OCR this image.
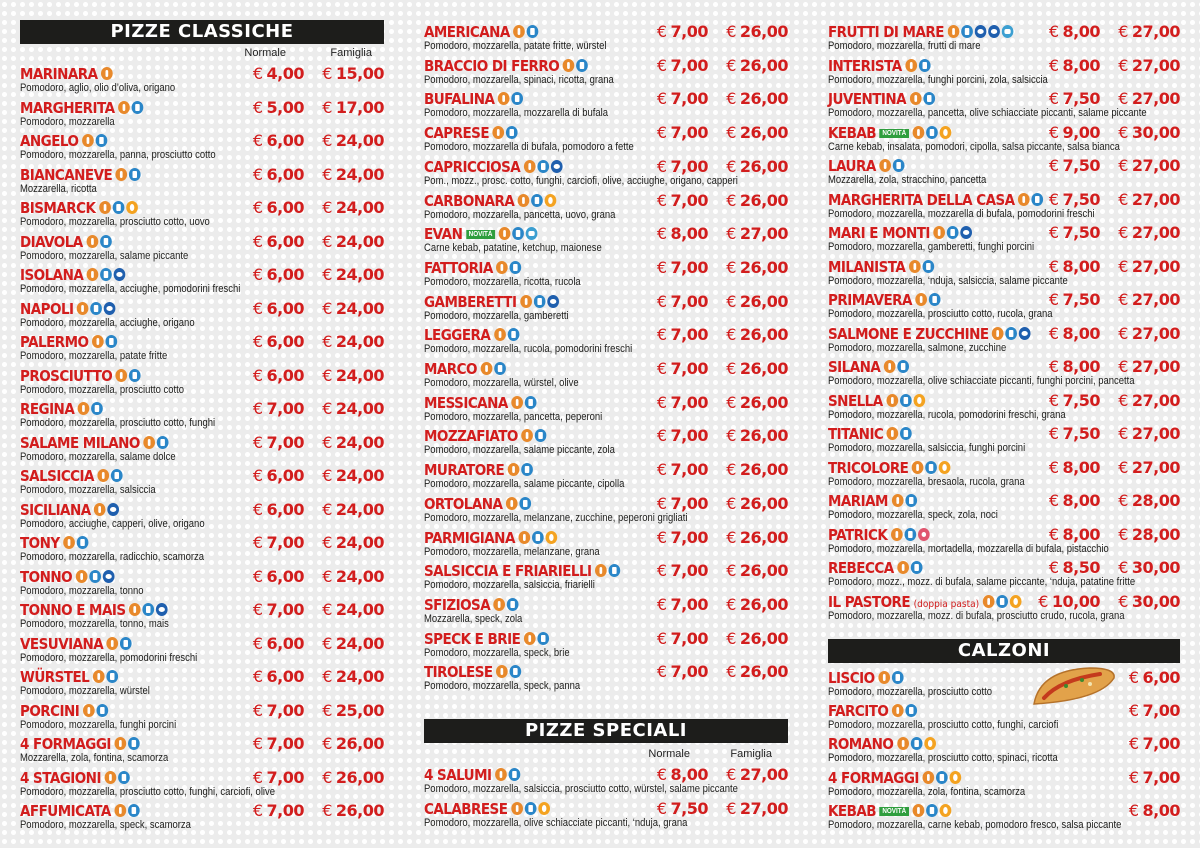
PIZZE CLASSICHE
Normale	Famiglia
MARINARA
Pomodoro, aglio, olio d’oliva, origano
€ 4,00 € 15,00
MARGHERITA
Pomodoro, mozzarella
€ 5,00 € 17,00
ANGELO
Pomodoro, mozzarella, panna, prosciutto cotto
€ 6,00 € 24,00
BIANCANEVE
Mozzarella, ricotta
€ 6,00 € 24,00
BISMARCK
Pomodoro, mozzarella, prosciutto cotto, uovo
€ 6,00 € 24,00
DIAVOLA
Pomodoro, mozzarella, salame piccante
€ 6,00 € 24,00
ISOLANA
Pomodoro, mozzarella, acciughe, pomodorini freschi
€ 6,00 € 24,00
NAPOLI
Pomodoro, mozzarella, acciughe, origano
€ 6,00 € 24,00
PALERMO
Pomodoro, mozzarella, patate fritte
€ 6,00 € 24,00
PROSCIUTTO
Pomodoro, mozzarella, prosciutto cotto
€ 6,00 € 24,00
REGINA
Pomodoro, mozzarella, prosciutto cotto, funghi
€ 7,00 € 24,00
SALAME MILANO
Pomodoro, mozzarella, salame dolce
€ 7,00 € 24,00
SALSICCIA
Pomodoro, mozzarella, salsiccia
€ 6,00 € 24,00
SICILIANA
Pomodoro, acciughe, capperi, olive, origano
€ 6,00 € 24,00
TONY
Pomodoro, mozzarella, radicchio, scamorza
€ 7,00 € 24,00
TONNO
Pomodoro, mozzarella, tonno
€ 6,00 € 24,00
TONNO E MAIS
Pomodoro, mozzarella, tonno, mais
€ 7,00 € 24,00
VESUVIANA
Pomodoro, mozzarella, pomodorini freschi
€ 6,00 € 24,00
WÜRSTEL
Pomodoro, mozzarella, würstel
€ 6,00 € 24,00
PORCINI
Pomodoro, mozzarella, funghi porcini
€ 7,00 € 25,00
4 FORMAGGI
Mozzarella, zola, fontina, scamorza
€ 7,00 € 26,00
4 STAGIONI
Pomodoro, mozzarella, prosciutto cotto, funghi, carciofi, olive
€ 7,00 € 26,00
AFFUMICATA
Pomodoro, mozzarella, speck, scamorza
€ 7,00 € 26,00
AMERICANA
Pomodoro, mozzarella, patate fritte, würstel
€ 7,00 € 26,00
BRACCIO DI FERRO
Pomodoro, mozzarella, spinaci, ricotta, grana
€ 7,00 € 26,00
BUFALINA
Pomodoro, mozzarella, mozzarella di bufala
€ 7,00 € 26,00
CAPRESE
Pomodoro, mozzarella di bufala, pomodoro a fette
€ 7,00 € 26,00
CAPRICCIOSA
Pom., mozz., prosc. cotto, funghi, carciofi, olive, acciughe, origano, capperi
€ 7,00 € 26,00
CARBONARA
Pomodoro, mozzarella, pancetta, uovo, grana
€ 7,00 € 26,00
EVAN NOVITÀ
Carne kebab, patatine, ketchup, maionese
€ 8,00 € 27,00
FATTORIA
Pomodoro, mozzarella, ricotta, rucola
€ 7,00 € 26,00
GAMBERETTI
Pomodoro, mozzarella, gamberetti
€ 7,00 € 26,00
LEGGERA
Pomodoro, mozzarella, rucola, pomodorini freschi
€ 7,00 € 26,00
MARCO
Pomodoro, mozzarella, würstel, olive
€ 7,00 € 26,00
MESSICANA
Pomodoro, mozzarella, pancetta, peperoni
€ 7,00 € 26,00
MOZZAFIATO
Pomodoro, mozzarella, salame piccante, zola
€ 7,00 € 26,00
MURATORE
Pomodoro, mozzarella, salame piccante, cipolla
€ 7,00 € 26,00
ORTOLANA
Pomodoro, mozzarella, melanzane, zucchine, peperoni grigliati
€ 7,00 € 26,00
PARMIGIANA
Pomodoro, mozzarella, melanzane, grana
€ 7,00 € 26,00
SALSICCIA E FRIARIELLI
Pomodoro, mozzarella, salsiccia, friarielli
€ 7,00 € 26,00
SFIZIOSA
Mozzarella, speck, zola
€ 7,00 € 26,00
SPECK E BRIE
Pomodoro, mozzarella, speck, brie
€ 7,00 € 26,00
TIROLESE
Pomodoro, mozzarella, speck, panna
€ 7,00 € 26,00
PIZZE SPECIALI
Normale	Famiglia
4 SALUMI
Pomodoro, mozzarella, salsiccia, prosciutto cotto, würstel, salame piccante
€ 8,00 € 27,00
CALABRESE
Pomodoro, mozzarella, olive schiacciate piccanti, ‘nduja, grana
€ 7,50 € 27,00
FRUTTI DI MARE
Pomodoro, mozzarella, frutti di mare
€ 8,00 € 27,00
INTERISTA
Pomodoro, mozzarella, funghi porcini, zola, salsiccia
€ 8,00 € 27,00
JUVENTINA
Pomodoro, mozzarella, pancetta, olive schiacciate piccanti, salame piccante
€ 7,50 € 27,00
KEBAB NOVITÀ
Carne kebab, insalata, pomodori, cipolla, salsa piccante, salsa bianca
€ 9,00 € 30,00
LAURA
Mozzarella, zola, stracchino, pancetta
€ 7,50 € 27,00
MARGHERITA DELLA CASA
Pomodoro, mozzarella, mozzarella di bufala, pomodorini freschi
€ 7,50 € 27,00
MARI E MONTI
Pomodoro, mozzarella, gamberetti, funghi porcini
€ 7,50 € 27,00
MILANISTA
Pomodoro, mozzarella, ‘nduja, salsiccia, salame piccante
€ 8,00 € 27,00
PRIMAVERA
Pomodoro, mozzarella, prosciutto cotto, rucola, grana
€ 7,50 € 27,00
SALMONE E ZUCCHINE
Pomodoro, mozzarella, salmone, zucchine
€ 8,00 € 27,00
SILANA
Pomodoro, mozzarella, olive schiacciate piccanti, funghi porcini, pancetta
€ 8,00 € 27,00
SNELLA
Pomodoro, mozzarella, rucola, pomodorini freschi, grana
€ 7,50 € 27,00
TITANIC
Pomodoro, mozzarella, salsiccia, funghi porcini
€ 7,50 € 27,00
TRICOLORE
Pomodoro, mozzarella, bresaola, rucola, grana
€ 8,00 € 27,00
MARIAM
Pomodoro, mozzarella, speck, zola, noci
€ 8,00 € 28,00
PATRICK
Pomodoro, mozzarella, mortadella, mozzarella di bufala, pistacchio
€ 8,00 € 28,00
REBECCA
Pomodoro, mozz., mozz. di bufala, salame piccante, ‘nduja, patatine fritte
€ 8,50 € 30,00
IL PASTORE (doppia pasta)
Pomodoro, mozzarella, mozz. di bufala, prosciutto crudo, rucola, grana
€ 10,00 € 30,00
CALZONI
LISCIO
Pomodoro, mozzarella, prosciutto cotto
€ 6,00
FARCITO
Pomodoro, mozzarella, prosciutto cotto, funghi, carciofi
€ 7,00
ROMANO
Pomodoro, mozzarella, prosciutto cotto, spinaci, ricotta
€ 7,00
4 FORMAGGI
Pomodoro, mozzarella, zola, fontina, scamorza
€ 7,00
KEBAB NOVITÀ
Pomodoro, mozzarella, carne kebab, pomodoro fresco, salsa piccante
€ 8,00
